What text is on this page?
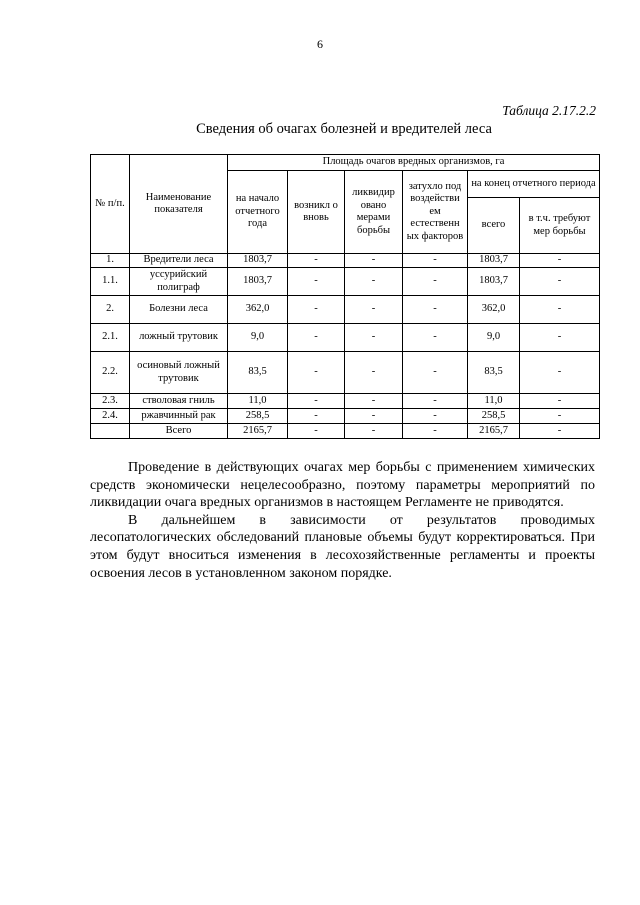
6
Таблица 2.17.2.2
Сведения об очагах болезней и вредителей леса
№ п/п.	Наименование показателя	Площадь очагов вредных организмов, га					
		на начало отчетного года	возникл о вновь	ликвидир овано мерами борьбы	затухло под воздействи ем естественн ых факторов	на конец отчетного периода	
						всего	в т.ч. требуют мер борьбы
1.	Вредители леса	1803,7	-	-	-	1803,7	-
1.1.	уссурийский полиграф	1803,7	-	-	-	1803,7	-
2.	Болезни леса	362,0	-	-	-	362,0	-
2.1.	ложный трутовик	9,0	-	-	-	9,0	-
2.2.	осиновый ложный трутовик	83,5	-	-	-	83,5	-
2.3.	стволовая гниль	11,0	-	-	-	11,0	-
2.4.	ржавчинный рак	258,5	-	-	-	258,5	-
	Всего	2165,7	-	-	-	2165,7	-

Проведение в действующих очагах мер борьбы с применением химических средств экономически нецелесообразно, поэтому параметры мероприятий по ликвидации очага вредных организмов в настоящем Регламенте не приводятся.

В дальнейшем в зависимости от результатов проводимых лесопатологических обследований плановые объемы будут корректироваться. При этом будут вноситься изменения в лесохозяйственные регламенты и проекты освоения лесов в установленном законом порядке.
